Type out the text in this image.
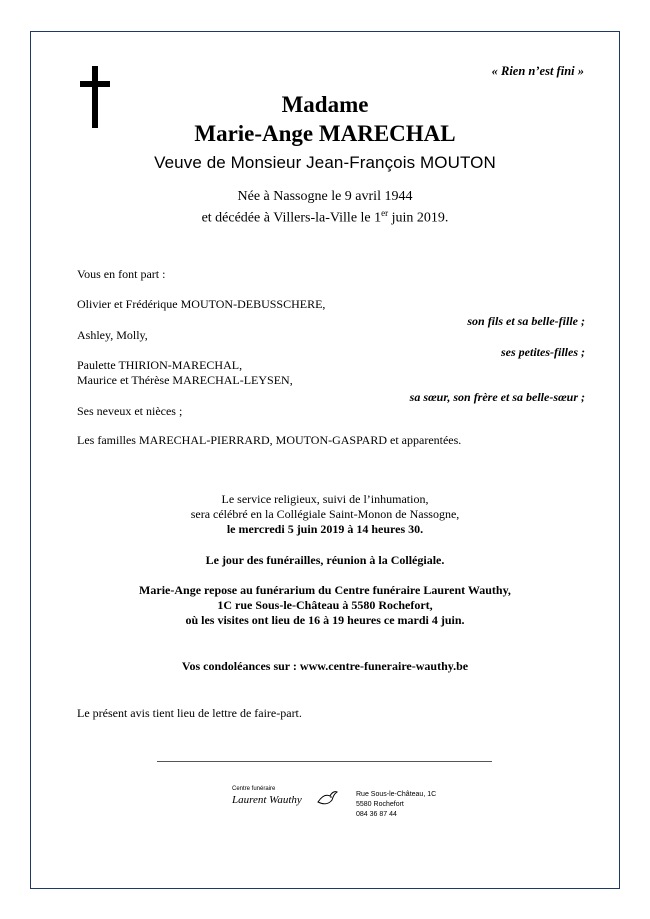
« Rien n’est fini »
Madame
Marie-Ange MARECHAL
Veuve de Monsieur Jean-François MOUTON
Née à Nassogne le 9 avril 1944
et décédée à Villers-la-Ville le 1er juin 2019.
Vous en font part :
Olivier et Frédérique MOUTON-DEBUSSCHERE,
son fils et sa belle-fille ;
Ashley, Molly,
ses petites-filles ;
Paulette THIRION-MARECHAL,
Maurice et Thérèse MARECHAL-LEYSEN,
sa sœur, son frère et sa belle-sœur ;
Ses neveux et nièces ;
Les familles MARECHAL-PIERRARD, MOUTON-GASPARD et apparentées.
Le service religieux, suivi de l’inhumation,
sera célébré en la Collégiale Saint-Monon de Nassogne,
le mercredi 5 juin 2019 à 14 heures 30.
Le jour des funérailles, réunion à la Collégiale.
Marie-Ange repose au funérarium du Centre funéraire Laurent Wauthy,
1C rue Sous-le-Château à 5580 Rochefort,
où les visites ont lieu de 16 à 19 heures ce mardi 4 juin.
Vos condoléances sur : www.centre-funeraire-wauthy.be
Le présent avis tient lieu de lettre de faire-part.
Centre funéraire
Laurent Wauthy	Rue Sous-le-Château, 1C
5580 Rochefort
084 36 87 44
